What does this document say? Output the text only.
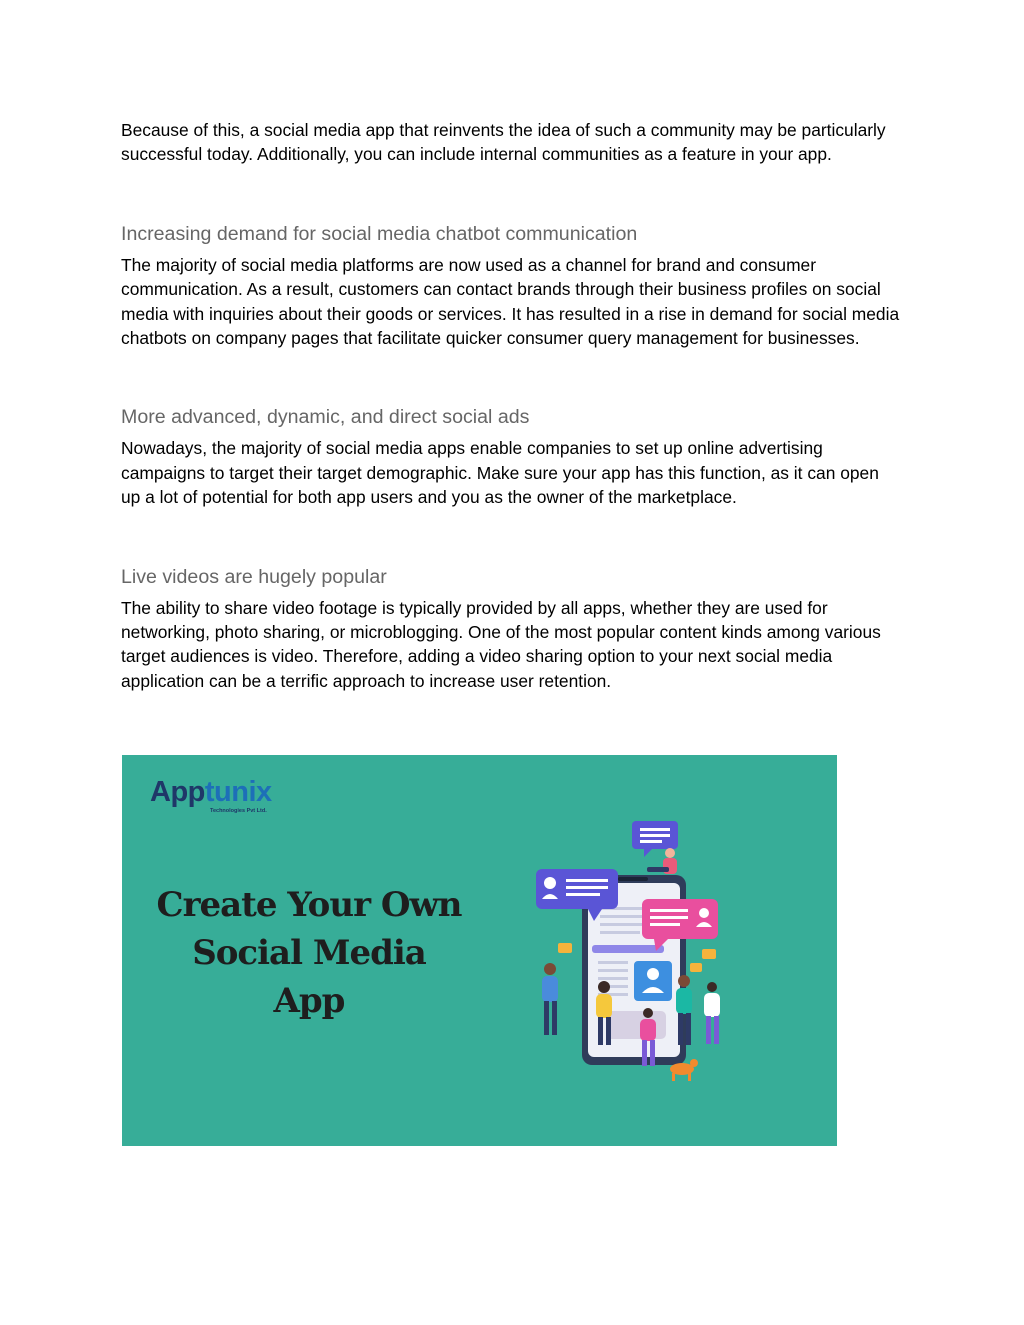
Because of this, a social media app that reinvents the idea of such a community may be particularly successful today. Additionally, you can include internal communities as a feature in your app.

Increasing demand for social media chatbot communication

The majority of social media platforms are now used as a channel for brand and consumer communication. As a result, customers can contact brands through their business profiles on social media with inquiries about their goods or services. It has resulted in a rise in demand for social media chatbots on company pages that facilitate quicker consumer query management for businesses.

More advanced, dynamic, and direct social ads

Nowadays, the majority of social media apps enable companies to set up online advertising campaigns to target their target demographic. Make sure your app has this function, as it can open up a lot of potential for both app users and you as the owner of the marketplace.

Live videos are hugely popular

The ability to share video footage is typically provided by all apps, whether they are used for networking, photo sharing, or microblogging. One of the most popular content kinds among various target audiences is video. Therefore, adding a video sharing option to your next social media application can be a terrific approach to increase user retention.

Apptunix
Technologies Pvt Ltd.
Create Your Own
Social Media
App
